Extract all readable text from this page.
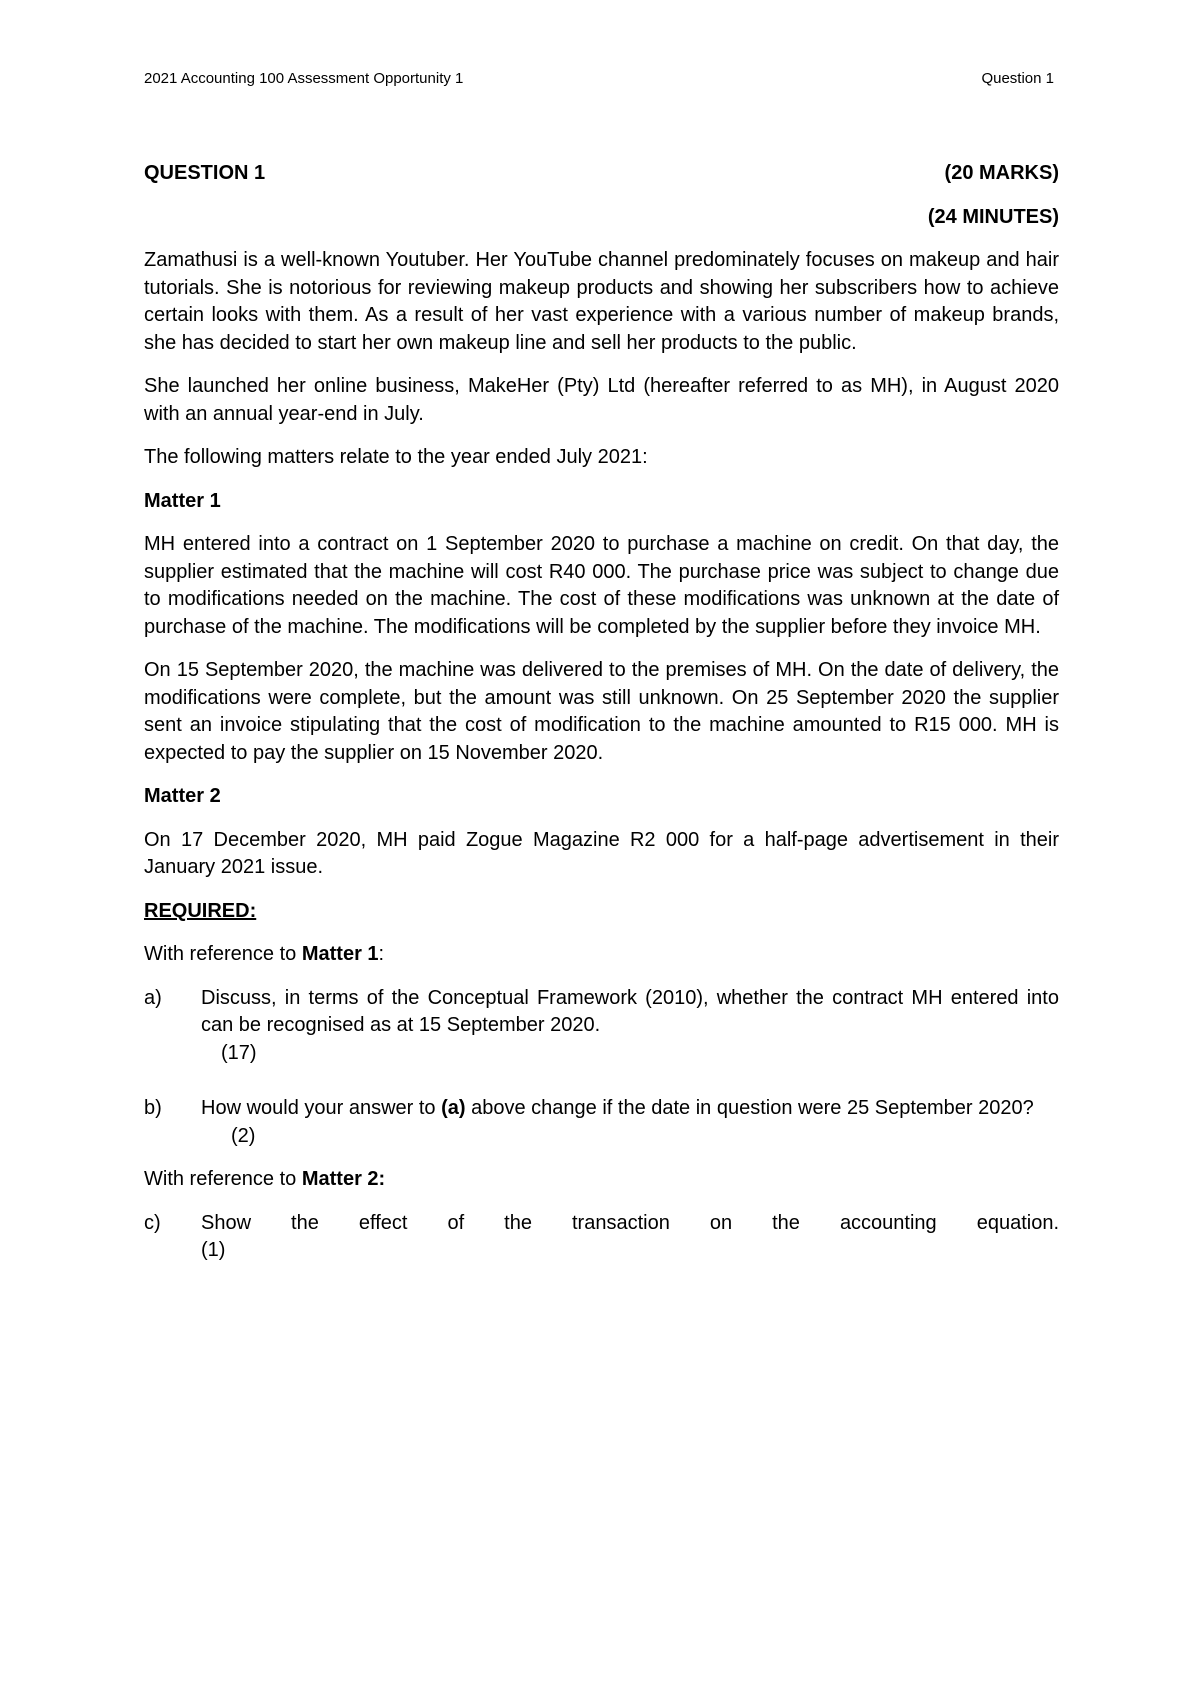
2021 Accounting 100 Assessment Opportunity 1	Question 1
QUESTION 1	(20 MARKS)
(24 MINUTES)

Zamathusi is a well-known Youtuber. Her YouTube channel predominately focuses on makeup and hair tutorials. She is notorious for reviewing makeup products and showing her subscribers how to achieve certain looks with them. As a result of her vast experience with a various number of makeup brands, she has decided to start her own makeup line and sell her products to the public.

She launched her online business, MakeHer (Pty) Ltd (hereafter referred to as MH), in August 2020 with an annual year-end in July.

The following matters relate to the year ended July 2021:

Matter 1

MH entered into a contract on 1 September 2020 to purchase a machine on credit. On that day, the supplier estimated that the machine will cost R40 000. The purchase price was subject to change due to modifications needed on the machine. The cost of these modifications was unknown at the date of purchase of the machine. The modifications will be completed by the supplier before they invoice MH.

On 15 September 2020, the machine was delivered to the premises of MH. On the date of delivery, the modifications were complete, but the amount was still unknown. On 25 September 2020 the supplier sent an invoice stipulating that the cost of modification to the machine amounted to R15 000. MH is expected to pay the supplier on 15 November 2020.

Matter 2

On 17 December 2020, MH paid Zogue Magazine R2 000 for a half-page advertisement in their January 2021 issue.

REQUIRED:

With reference to Matter 1:

a)	Discuss, in terms of the Conceptual Framework (2010), whether the contract MH entered into can be recognised as at 15 September 2020.
(17)
b)	How would your answer to (a) above change if the date in question were 25 September 2020?
(2)

With reference to Matter 2:

c)	Show the effect of the transaction on the accounting equation.
(1)
